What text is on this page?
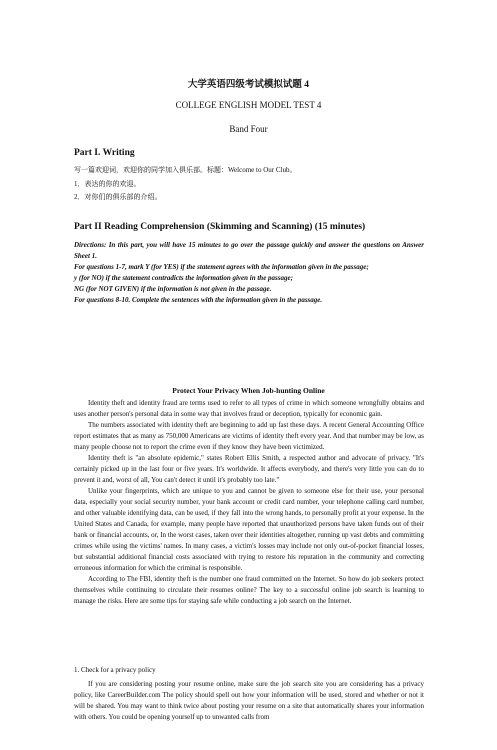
大学英语四级考试模拟试题 4
COLLEGE ENGLISH MODEL TEST 4
Band Four
Part I. Writing
写一篇欢迎词，欢迎你的同学加入俱乐部。标题：Welcome to Our Club。
1．表达的你的欢迎。
2．对你们的俱乐部的介绍。
Part II Reading Comprehension (Skimming and Scanning) (15 minutes)

Directions: In this part, you will have 15 minutes to go over the passage quickly and answer the questions on Answer Sheet 1.

For questions 1-7, mark Y (for YES) if the statement agrees with the information given in the passage;

y (for NO) if the statement contradicts the information given in the passage;

NG (for NOT GIVEN) if the information is not given in the passage.

For questions 8-10. Complete the sentences with the information given in the passage.

Protect Your Privacy When Job-hunting Online

Identity theft and identity fraud are terms used to refer to all types of crime in which someone wrongfully obtains and uses another person's personal data in some way that involves fraud or deception, typically for economic gain.

The numbers associated with identity theft are beginning to add up fast these days. A recent General Accounting Office report estimates that as many as 750,000 Americans are victims of identity theft every year. And that number may be low, as many people choose not to report the crime even if they know they have been victimized.

Identity theft is "an absolute epidemic," states Robert Ellis Smith, a respected author and advocate of privacy. "It's certainly picked up in the last four or five years. It's worldwide. It affects everybody, and there's very little you can do to prevent it and, worst of all, You can't detect it until it's probably too late."

Unlike your fingerprints, which are unique to you and cannot be given to someone else for their use, your personal data, especially your social security number, your bank account or credit card number, your telephone calling card number, and other valuable identifying data, can be used, if they fall into the wrong hands, to personally profit at your expense. In the United States and Canada, for example, many people have reported that unauthorized persons have taken funds out of their bank or financial accounts, or, In the worst cases, taken over their identities altogether, running up vast debts and committing crimes while using the victims' names. In many cases, a victim's losses may include not only out-of-pocket financial losses, but substantial additional financial costs associated with trying to restore his reputation in the community and correcting erroneous information for which the criminal is responsible.

According to The FBI, identity theft is the number one fraud committed on the Internet. So how do job seekers protect themselves while continuing to circulate their resumes online? The key to a successful online job search is learning to manage the risks. Here are some tips for staying safe while conducting a job search on the Internet.

1. Check for a privacy policy

If you are considering posting your resume online, make sure the job search site you are considering has a privacy policy, like CareerBuilder.com The policy should spell out how your information will be used, stored and whether or not it will be shared. You may want to think twice about posting your resume on a site that automatically shares your information with others. You could be opening yourself up to unwanted calls from
